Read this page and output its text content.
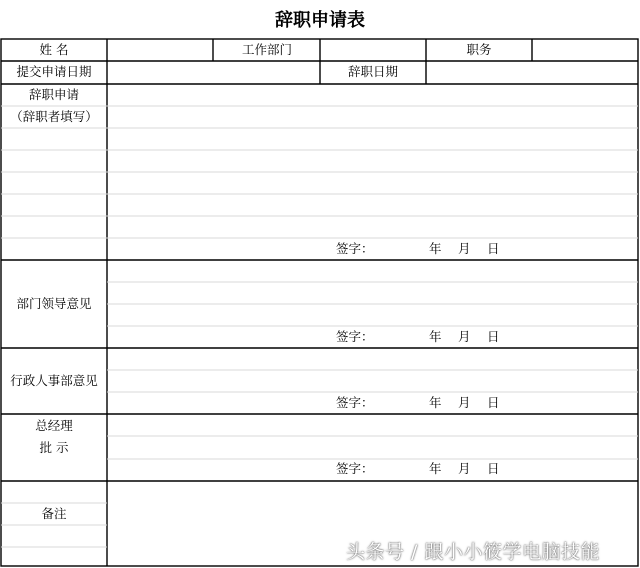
辞职申请表
姓 名	工作部门	职务
提交申请日期	辞职日期
辞职申请
（辞职者填写）
签字：	年 月 日
部门领导意见
签字：	年 月 日
行政人事部意见
签字：	年 月 日
总经理
批 示
签字：	年 月 日
备注
头条号 / 跟小小筱学电脑技能
